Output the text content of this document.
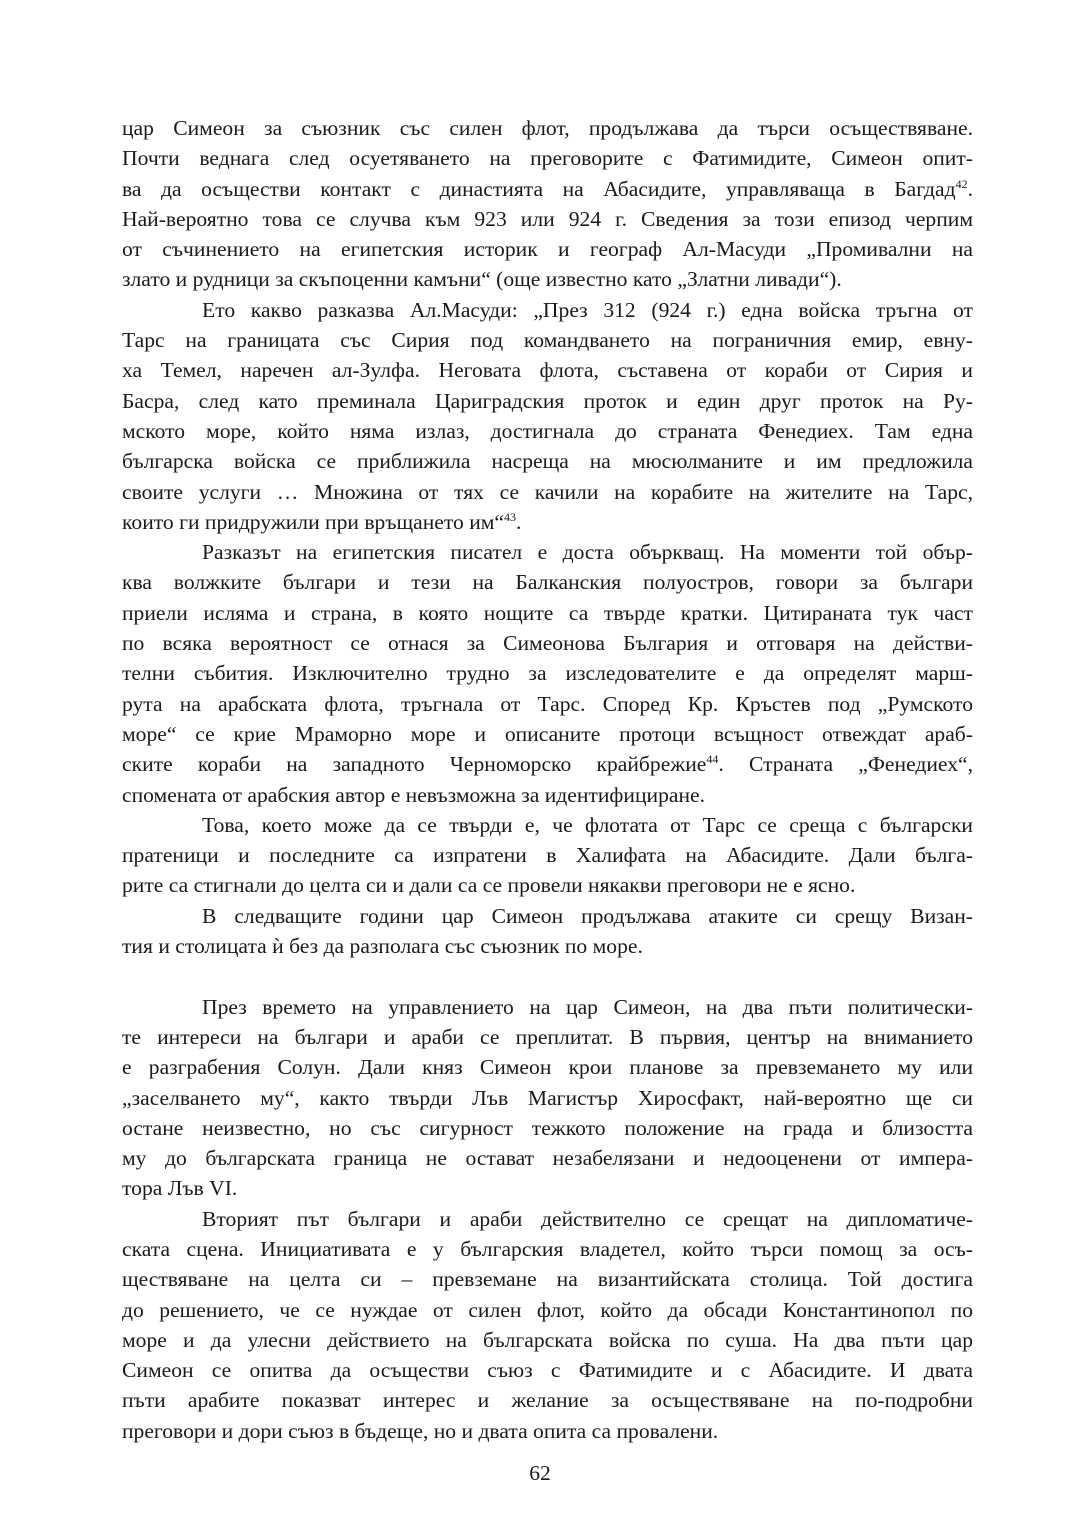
цар Симеон за съюзник със силен флот, продължава да търси осъществяване.
Почти веднага след осуетяването на преговорите с Фатимидите, Симеон опит-
ва да осъществи контакт с династията на Абасидите, управляваща в Багдад$^{42}$.
Най-вероятно това се случва към 923 или 924 г. Сведения за този епизод черпим
от съчинението на египетския историк и географ Ал-Масуди „Промивални на
злато и рудници за скъпоценни камъни“ (още известно като „Златни ливади“).
Ето какво разказва Ал.Масуди: „През 312 (924 г.) една войска тръгна от
Тарс на границата със Сирия под командването на пограничния емир, евну-
ха Темел, наречен ал-Зулфа. Неговата флота, съставена от кораби от Сирия и
Басра, след като преминала Цариградския проток и един друг проток на Ру-
мското море, който няма излаз, достигнала до страната Фенедиех. Там една
българска войска се приближила насреща на мюсюлманите и им предложила
своите услуги … Множина от тях се качили на корабите на жителите на Тарс,
които ги придружили при връщането им“$^{43}$.
Разказът на египетския писател е доста объркващ. На моменти той объp-
ква волжките българи и тези на Балканския полуостров, говори за българи
приели исляма и страна, в която нощите са твърде кратки. Цитираната тук част
по всяка вероятност се отнася за Симеонова България и отговаря на действи-
телни събития. Изключително трудно за изследователите е да определят марш-
рута на арабската флота, тръгнала от Тарс. Според Кр. Кръстев под „Румското
море“ се крие Мраморно море и описаните протоци всъщност отвеждат араб-
ските кораби на западното Черноморско крайбрежие$^{44}$. Страната „Фенедиех“,
спомената от арабския автор е невъзможна за идентифициране.
Това, което може да се твърди е, че флотата от Тарс се среща с български
пратеници и последните са изпратени в Халифата на Абасидите. Дали бълга-
рите са стигнали до целта си и дали са се провели някакви преговори не е ясно.
В следващите години цар Симеон продължава атаките си срещу Визан-
тия и столицата ѝ без да разполага със съюзник по море.
През времето на управлението на цар Симеон, на два пъти политически-
те интереси на българи и араби се преплитат. В първия, център на вниманието
е разграбения Солун. Дали княз Симеон крои планове за превземането му или
„заселването му“, както твърди Лъв Магистър Хиросфакт, най-вероятно ще си
остане неизвестно, но със сигурност тежкото положение на града и близостта
му до българската граница не остават незабелязани и недооценени от импера-
тора Лъв VI.
Вторият път българи и араби действително се срещат на дипломатиче-
ската сцена. Инициативата е у българския владетел, който търси помощ за осъ-
ществяване на целта си – превземане на византийската столица. Той достига
до решението, че се нуждае от силен флот, който да обсади Константинопол по
море и да улесни действието на българската войска по суша. На два пъти цар
Симеон се опитва да осъществи съюз с Фатимидите и с Абасидите. И двата
пъти арабите показват интерес и желание за осъществяване на по-подробни
преговори и дори съюз в бъдеще, но и двата опита са провалени.
62
